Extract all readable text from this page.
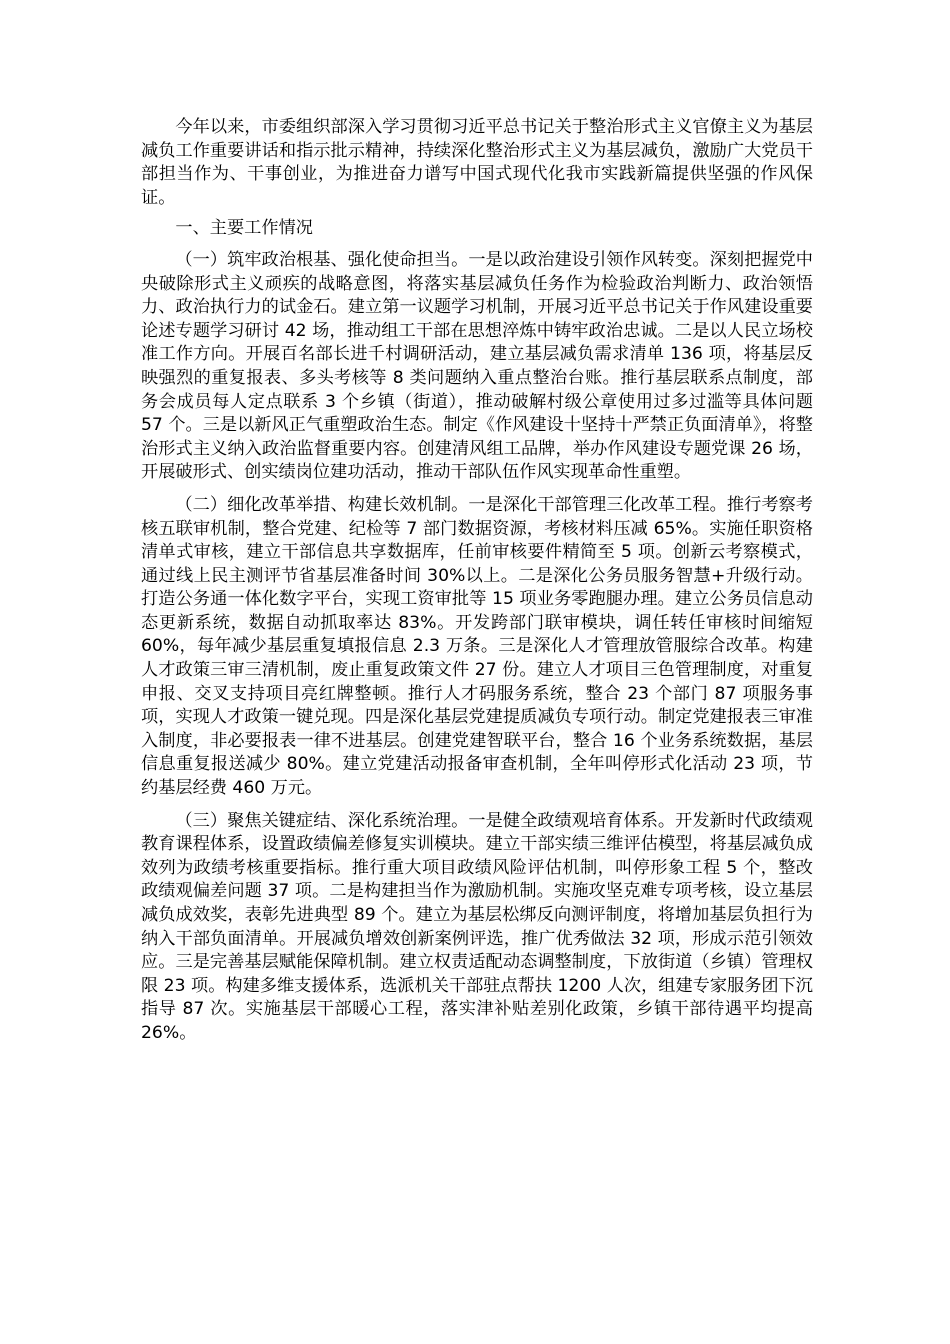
今年以来，市委组织部深入学习贯彻习近平总书记关于整治形式主义官僚主义为基层减负工作重要讲话和指示批示精神，持续深化整治形式主义为基层减负，激励广大党员干部担当作为、干事创业，为推进奋力谱写中国式现代化我市实践新篇提供坚强的作风保证。

一、主要工作情况

（一）筑牢政治根基、强化使命担当。一是以政治建设引领作风转变。深刻把握党中央破除形式主义顽疾的战略意图，将落实基层减负任务作为检验政治判断力、政治领悟力、政治执行力的试金石。建立第一议题学习机制，开展习近平总书记关于作风建设重要论述专题学习研讨 42 场，推动组工干部在思想淬炼中铸牢政治忠诚。二是以人民立场校准工作方向。开展百名部长进千村调研活动，建立基层减负需求清单 136 项，将基层反映强烈的重复报表、多头考核等 8 类问题纳入重点整治台账。推行基层联系点制度，部务会成员每人定点联系 3 个乡镇（街道），推动破解村级公章使用过多过滥等具体问题 57 个。三是以新风正气重塑政治生态。制定《作风建设十坚持十严禁正负面清单》，将整治形式主义纳入政治监督重要内容。创建清风组工品牌，举办作风建设专题党课 26 场，开展破形式、创实绩岗位建功活动，推动干部队伍作风实现革命性重塑。

（二）细化改革举措、构建长效机制。一是深化干部管理三化改革工程。推行考察考核五联审机制，整合党建、纪检等 7 部门数据资源，考核材料压减 65%。实施任职资格清单式审核，建立干部信息共享数据库，任前审核要件精简至 5 项。创新云考察模式，通过线上民主测评节省基层准备时间 30%以上。二是深化公务员服务智慧+升级行动。打造公务通一体化数字平台，实现工资审批等 15 项业务零跑腿办理。建立公务员信息动态更新系统，数据自动抓取率达 83%。开发跨部门联审模块，调任转任审核时间缩短 60%，每年减少基层重复填报信息 2.3 万条。三是深化人才管理放管服综合改革。构建人才政策三审三清机制，废止重复政策文件 27 份。建立人才项目三色管理制度，对重复申报、交叉支持项目亮红牌整顿。推行人才码服务系统，整合 23 个部门 87 项服务事项，实现人才政策一键兑现。四是深化基层党建提质减负专项行动。制定党建报表三审准入制度，非必要报表一律不进基层。创建党建智联平台，整合 16 个业务系统数据，基层信息重复报送减少 80%。建立党建活动报备审查机制，全年叫停形式化活动 23 项，节约基层经费 460 万元。

（三）聚焦关键症结、深化系统治理。一是健全政绩观培育体系。开发新时代政绩观教育课程体系，设置政绩偏差修复实训模块。建立干部实绩三维评估模型，将基层减负成效列为政绩考核重要指标。推行重大项目政绩风险评估机制，叫停形象工程 5 个，整改政绩观偏差问题 37 项。二是构建担当作为激励机制。实施攻坚克难专项考核，设立基层减负成效奖，表彰先进典型 89 个。建立为基层松绑反向测评制度，将增加基层负担行为纳入干部负面清单。开展减负增效创新案例评选，推广优秀做法 32 项，形成示范引领效应。三是完善基层赋能保障机制。建立权责适配动态调整制度，下放街道（乡镇）管理权限 23 项。构建多维支援体系，选派机关干部驻点帮扶 1200 人次，组建专家服务团下沉指导 87 次。实施基层干部暖心工程，落实津补贴差别化政策，乡镇干部待遇平均提高 26%。
